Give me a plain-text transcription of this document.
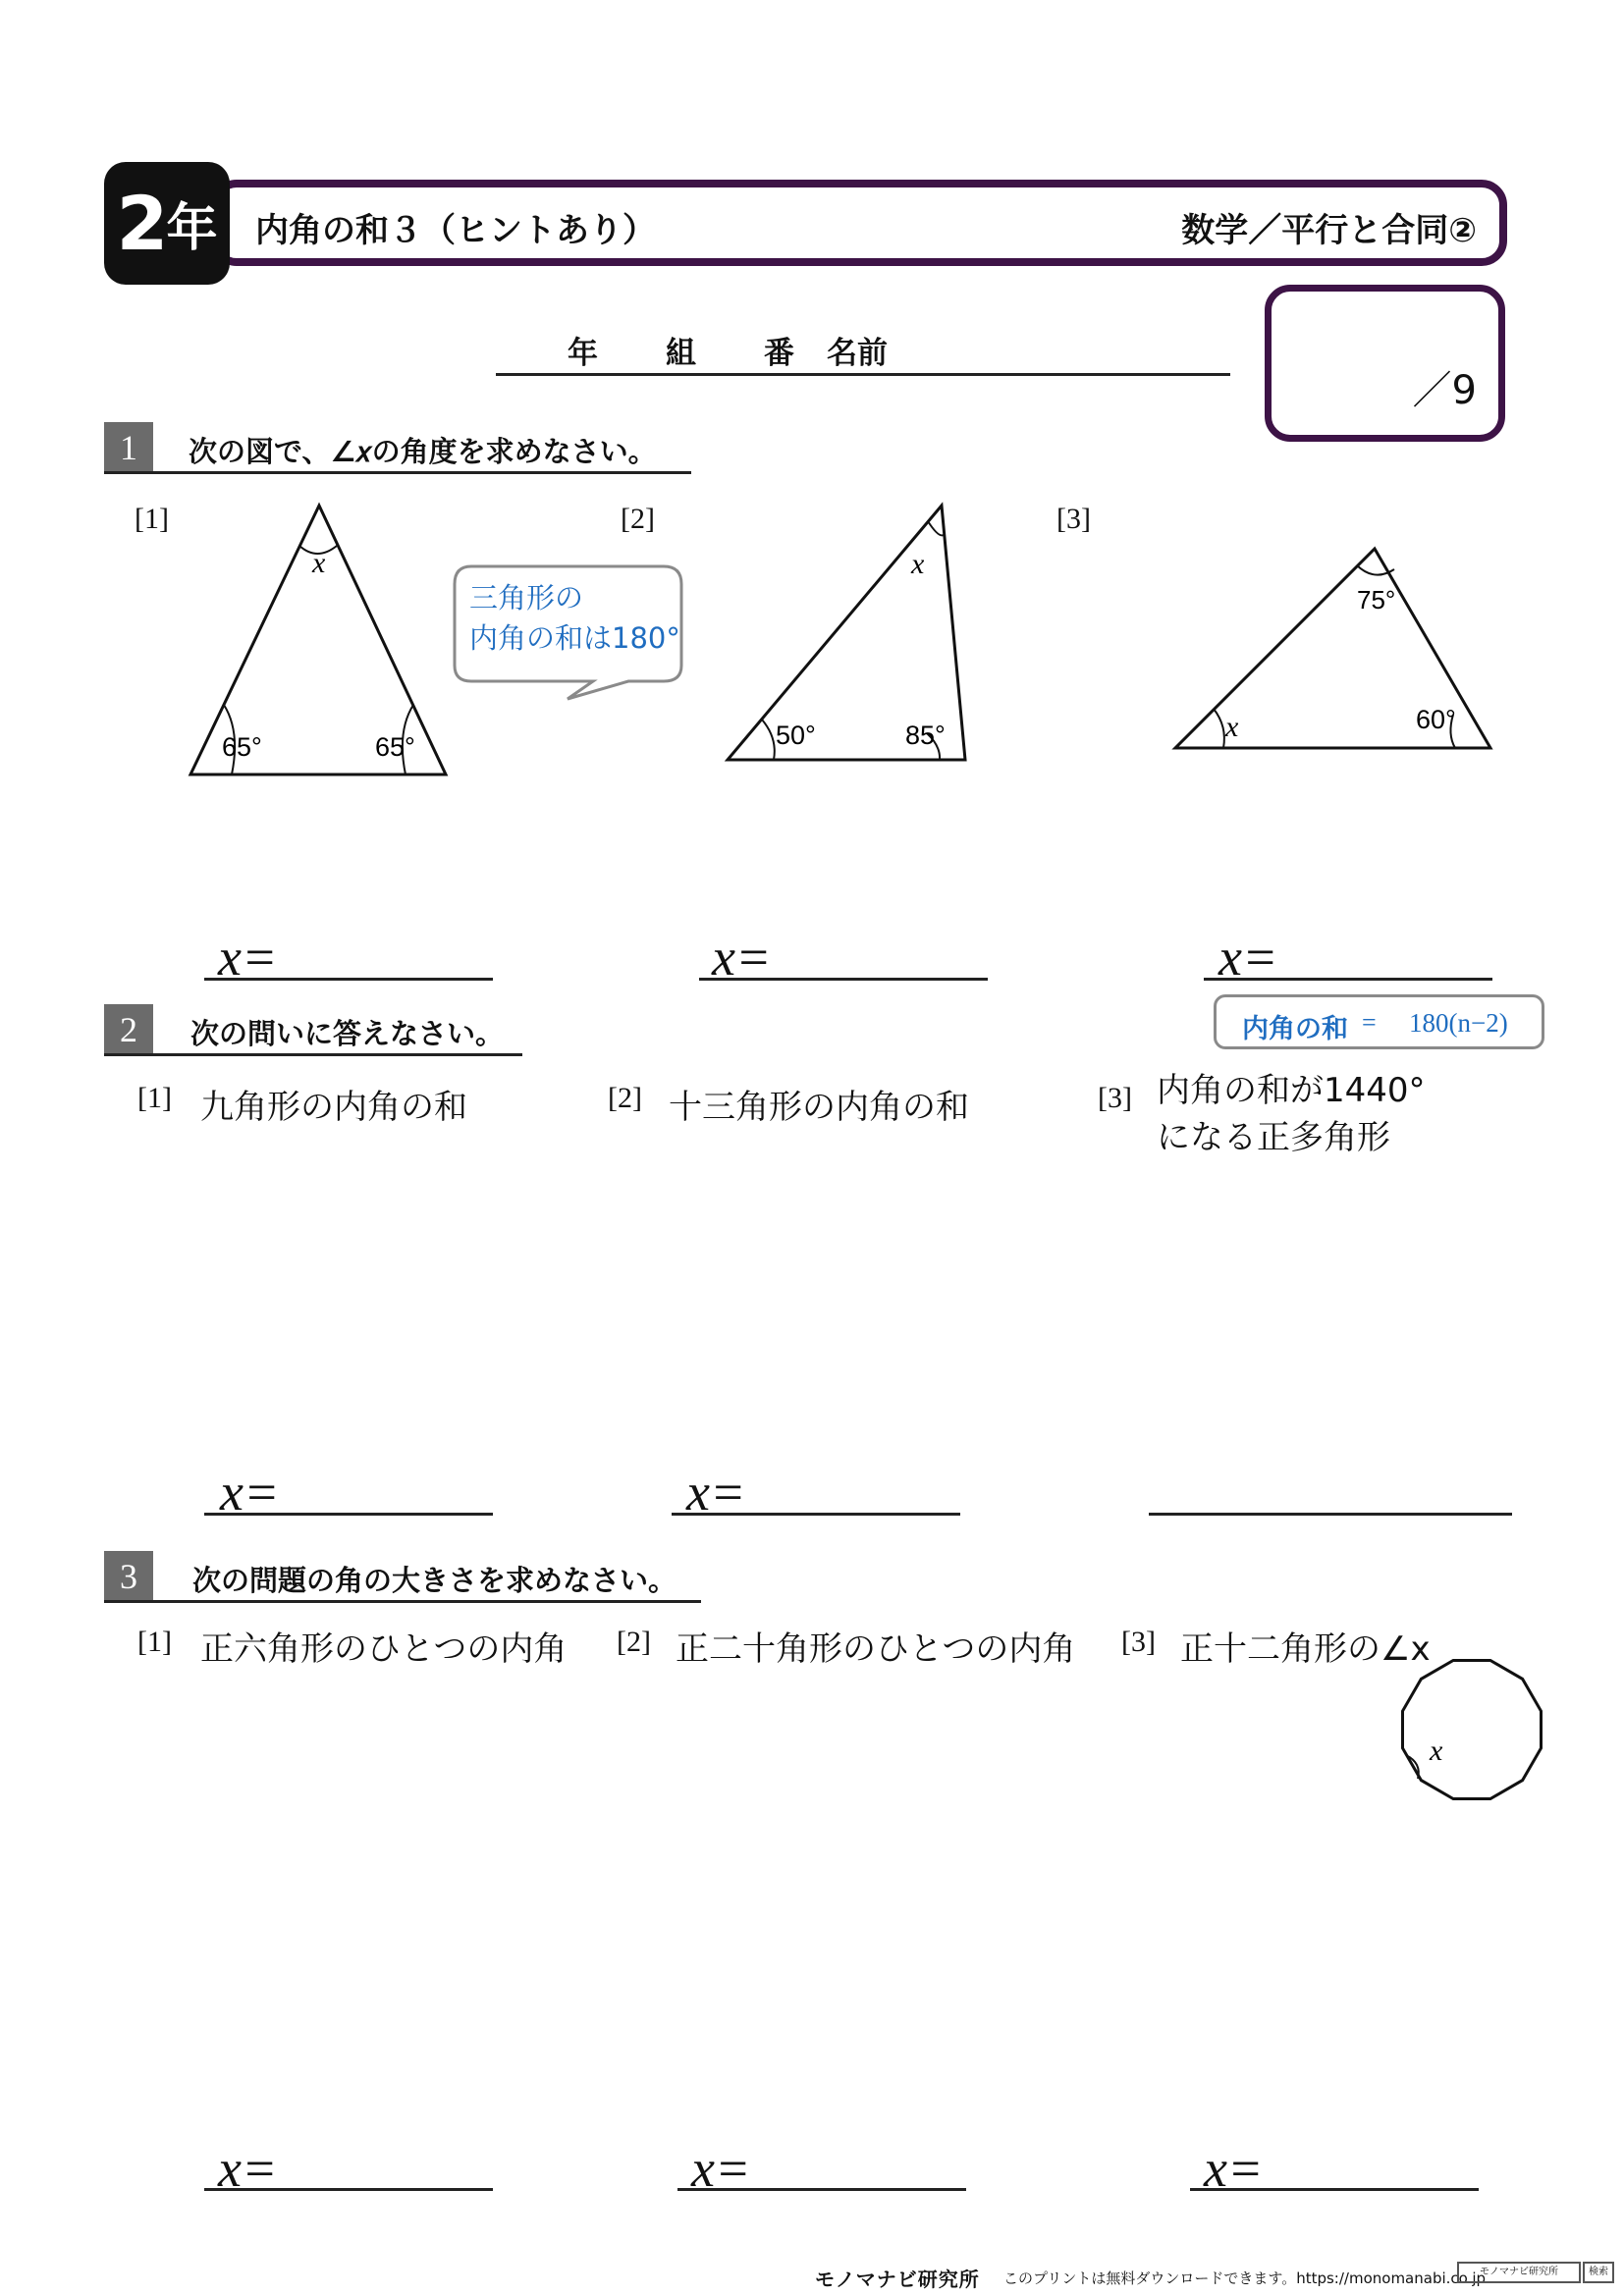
2 年 内角の和３（ヒントあり）	数学／平行と合同②
／9
年 組 番 名前
1	次の図で、∠𝑥の角度を求めなさい。
[1]	[2]	[3]
65°	65°
x
三角形の
内角の和は180°
50°	85°
x
75°
60°
x
x
x=	x=	x=
2	次の問いに答えなさい。	内角の和 = 180(n−2)
[1] 九角形の内角の和	[2] 十三角形の内角の和	[3] 内角の和が1440°
になる正多角形
x=	x=
3	次の問題の角の大きさを求めなさい。
[1] 正六角形のひとつの内角 [2] 正二十角形のひとつの内角 [3] 正十二角形の∠x
x=	x=	x=
モノマナビ研究所 このプリントは無料ダウンロードできます。https://monomanabi.co.jp
モノマナビ研究所	検索
